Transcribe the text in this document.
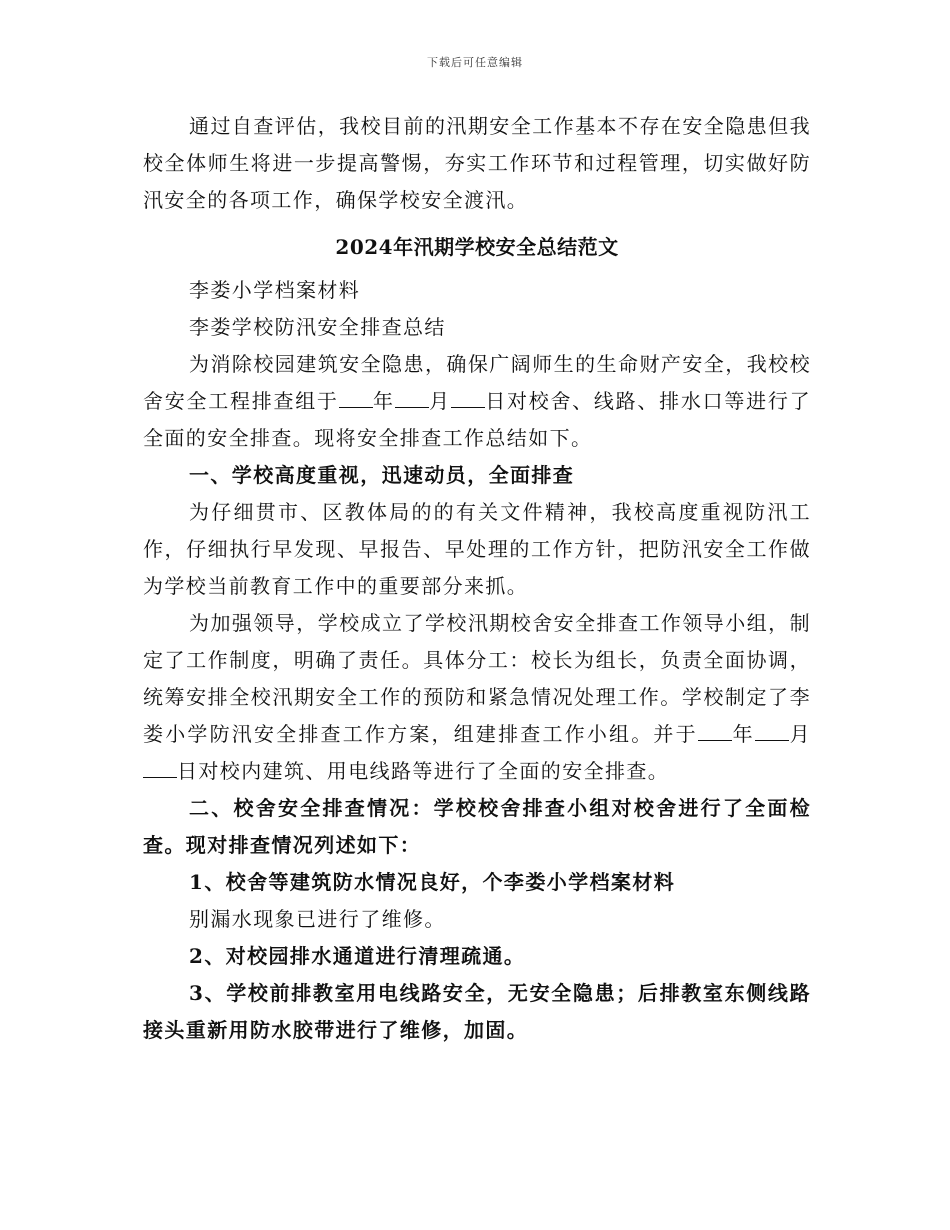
下载后可任意编辑

通过自查评估，我校目前的汛期安全工作基本不存在安全隐患但我校全体师生将进一步提高警惕，夯实工作环节和过程管理，切实做好防汛安全的各项工作，确保学校安全渡汛。

2024年汛期学校安全总结范文

李娄小学档案材料

李娄学校防汛安全排查总结

为消除校园建筑安全隐患，确保广阔师生的生命财产安全，我校校舍安全工程排查组于 年 月 日对校舍、线路、排水口等进行了全面的安全排查。现将安全排查工作总结如下。

一、学校高度重视，迅速动员，全面排查

为仔细贯市、区教体局的的有关文件精神，我校高度重视防汛工作，仔细执行早发现、早报告、早处理的工作方针，把防汛安全工作做为学校当前教育工作中的重要部分来抓。

为加强领导，学校成立了学校汛期校舍安全排查工作领导小组，制定了工作制度，明确了责任。具体分工：校长为组长，负责全面协调，统筹安排全校汛期安全工作的预防和紧急情况处理工作。学校制定了李娄小学防汛安全排查工作方案，组建排查工作小组。并于 年 月日对校内建筑、用电线路等进行了全面的安全排查。

二、校舍安全排查情况：学校校舍排查小组对校舍进行了全面检查。现对排查情况列述如下：

1、校舍等建筑防水情况良好，个李娄小学档案材料

别漏水现象已进行了维修。

2、对校园排水通道进行清理疏通。

3、学校前排教室用电线路安全，无安全隐患；后排教室东侧线路接头重新用防水胶带进行了维修，加固。
